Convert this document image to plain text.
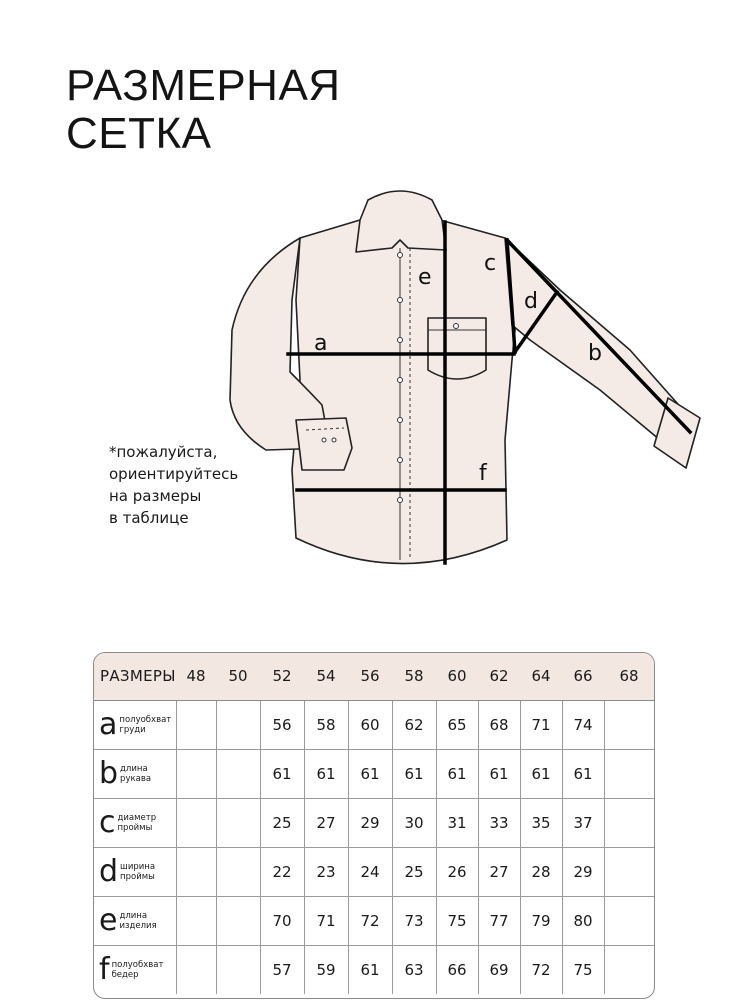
РАЗМЕРНАЯ
СЕТКА
a	b
c
d
e
f
*пожалуйста,
ориентируйтесь
на размеры
в таблице
РАЗМЕРЫ	48	50	52	54	56	58	60	62	64	66	68
a полуобхват
груди			56	58	60	62	65	68	71	74	
b длина
рукава			61	61	61	61	61	61	61	61	
c диаметр
проймы			25	27	29	30	31	33	35	37	
d ширина
проймы			22	23	24	25	26	27	28	29	
e длина
изделия			70	71	72	73	75	77	79	80	
f полуобхват
бедер			57	59	61	63	66	69	72	75	
